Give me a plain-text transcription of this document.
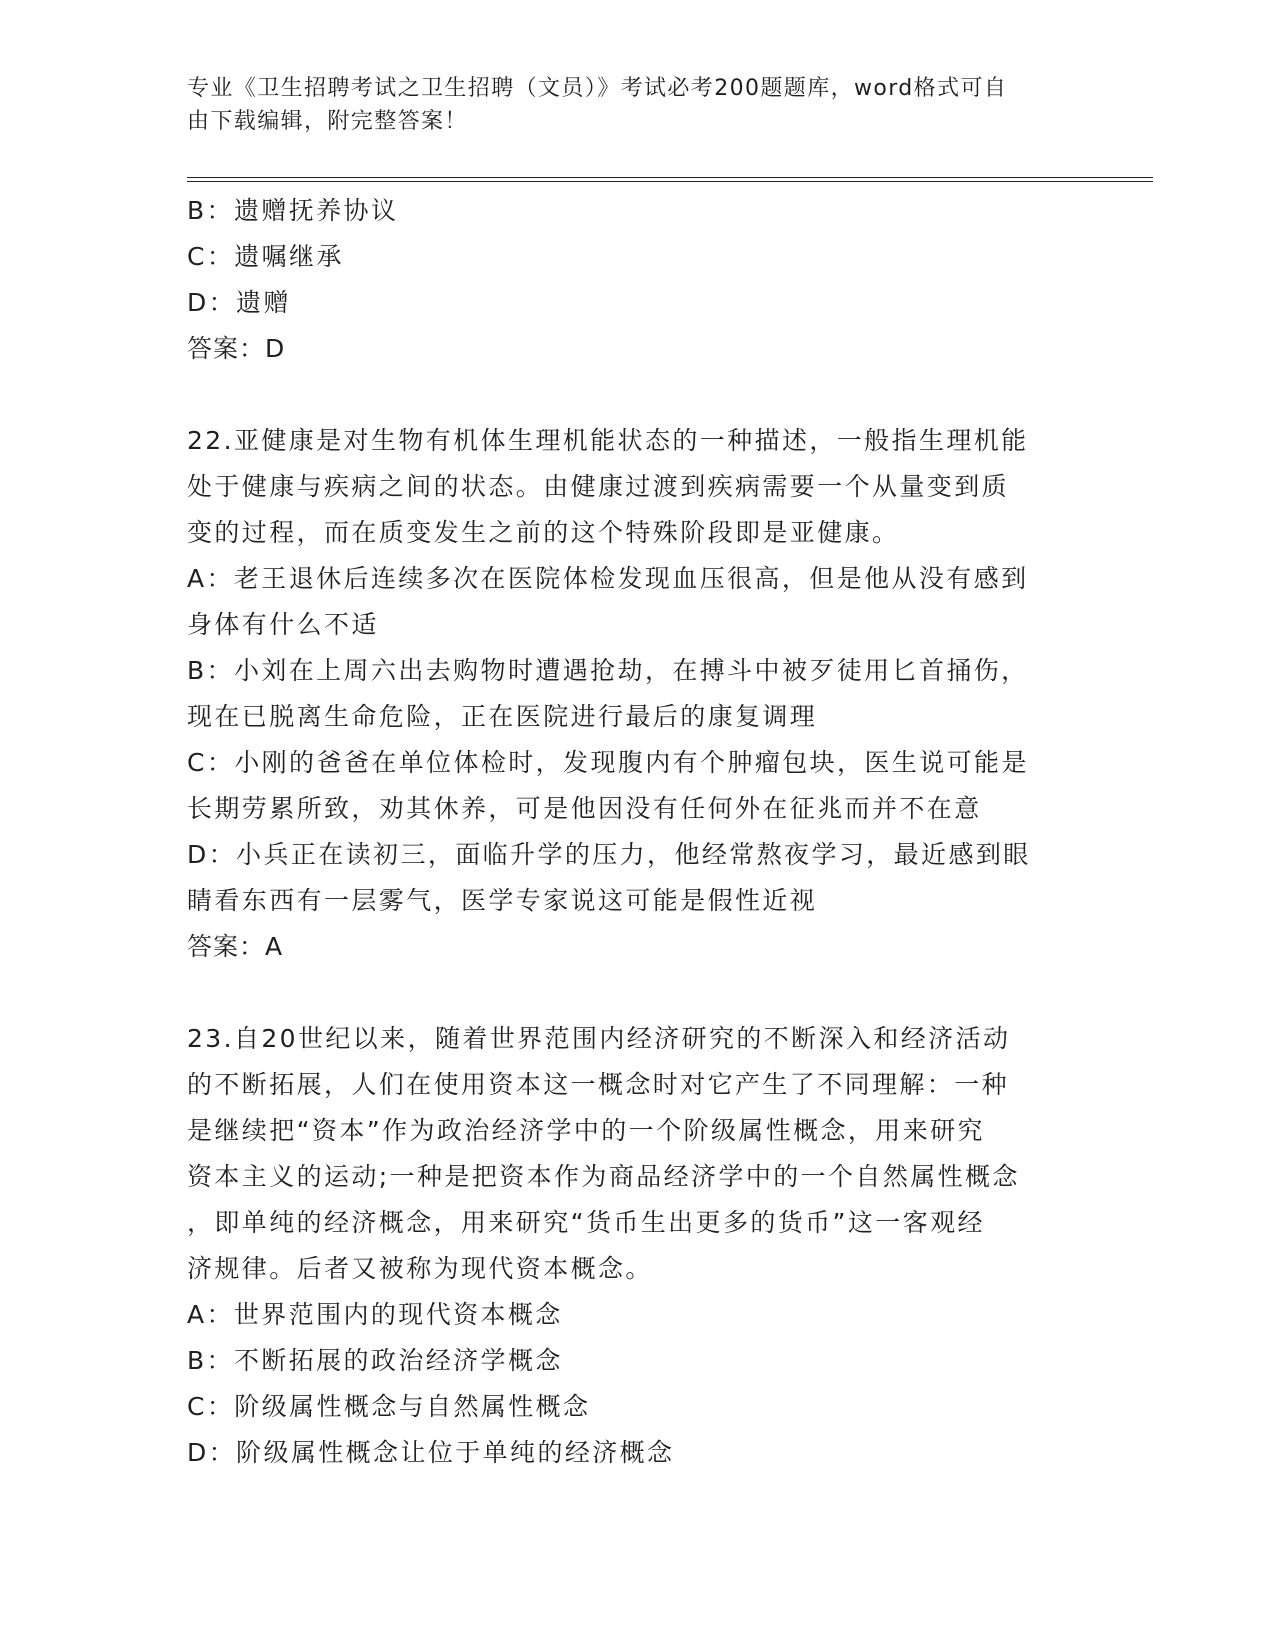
专业《卫生招聘考试之卫生招聘（文员）》考试必考200题题库，word格式可自

由下载编辑，附完整答案！

B：遗赠抚养协议
C：遗嘱继承
D：遗赠
答案：D
22.亚健康是对生物有机体生理机能状态的一种描述，一般指生理机能
处于健康与疾病之间的状态。由健康过渡到疾病需要一个从量变到质
变的过程，而在质变发生之前的这个特殊阶段即是亚健康。
A：老王退休后连续多次在医院体检发现血压很高，但是他从没有感到
身体有什么不适
B：小刘在上周六出去购物时遭遇抢劫，在搏斗中被歹徒用匕首捅伤，
现在已脱离生命危险，正在医院进行最后的康复调理
C：小刚的爸爸在单位体检时，发现腹内有个肿瘤包块，医生说可能是
长期劳累所致，劝其休养，可是他因没有任何外在征兆而并不在意
D：小兵正在读初三，面临升学的压力，他经常熬夜学习，最近感到眼
睛看东西有一层雾气，医学专家说这可能是假性近视
答案：A
23.自20世纪以来，随着世界范围内经济研究的不断深入和经济活动
的不断拓展，人们在使用资本这一概念时对它产生了不同理解：一种
是继续把“资本”作为政治经济学中的一个阶级属性概念，用来研究
资本主义的运动;一种是把资本作为商品经济学中的一个自然属性概念
，即单纯的经济概念，用来研究“货币生出更多的货币”这一客观经
济规律。后者又被称为现代资本概念。
A：世界范围内的现代资本概念
B：不断拓展的政治经济学概念
C：阶级属性概念与自然属性概念
D：阶级属性概念让位于单纯的经济概念
